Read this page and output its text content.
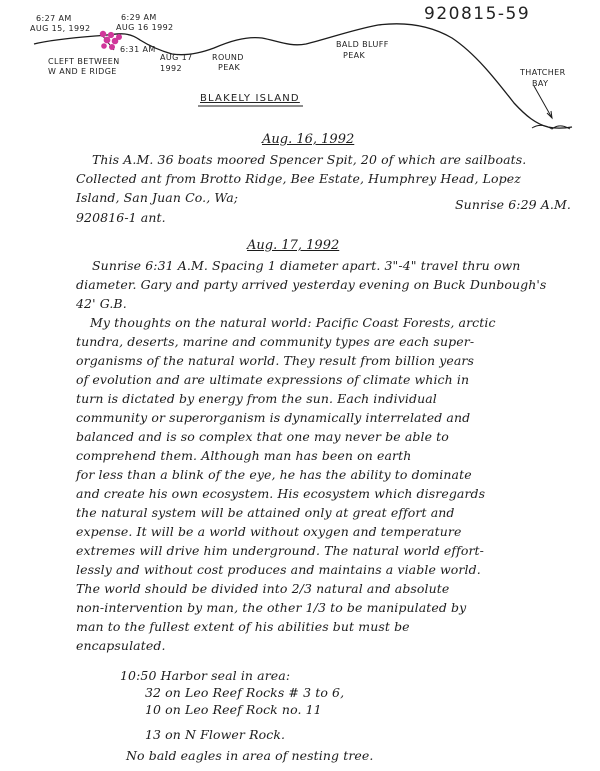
920815-59
6:27 AM
AUG 15, 1992
6:29 AM
AUG 16 1992
6:31 AM
AUG 17
1992
CLEFT BETWEEN
W AND E RIDGE
ROUND
PEAK
BALD BLUFF
PEAK
THATCHER
BAY
BLAKELY ISLAND
Aug. 16, 1992
This A.M. 36 boats moored Spencer Spit, 20 of which are sailboats.
Collected ant from Brotto Ridge, Bee Estate, Humphrey Head, Lopez
Island, San Juan Co., Wa;	Sunrise 6:29 A.M.
920816-1 ant.
Aug. 17, 1992
Sunrise 6:31 A.M. Spacing 1 diameter apart. 3"-4" travel thru own
diameter. Gary and party arrived yesterday evening on Buck Dunbough's
42' G.B.
My thoughts on the natural world: Pacific Coast Forests, arctic
tundra, deserts, marine and community types are each super-
organisms of the natural world. They result from billion years
of evolution and are ultimate expressions of climate which in
turn is dictated by energy from the sun. Each individual
community or superorganism is dynamically interrelated and
balanced and is so complex that one may never be able to
comprehend them. Although man has been on earth
for less than a blink of the eye, he has the ability to dominate
and create his own ecosystem. His ecosystem which disregards
the natural system will be attained only at great effort and
expense. It will be a world without oxygen and temperature
extremes will drive him underground. The natural world effort-
lessly and without cost produces and maintains a viable world.
The world should be divided into 2/3 natural and absolute
non-intervention by man, the other 1/3 to be manipulated by
man to the fullest extent of his abilities but must be
encapsulated.
10:50 Harbor seal in area:
32 on Leo Reef Rocks # 3 to 6,
10 on Leo Reef Rock no. 11
13 on N Flower Rock.
No bald eagles in area of nesting tree.
